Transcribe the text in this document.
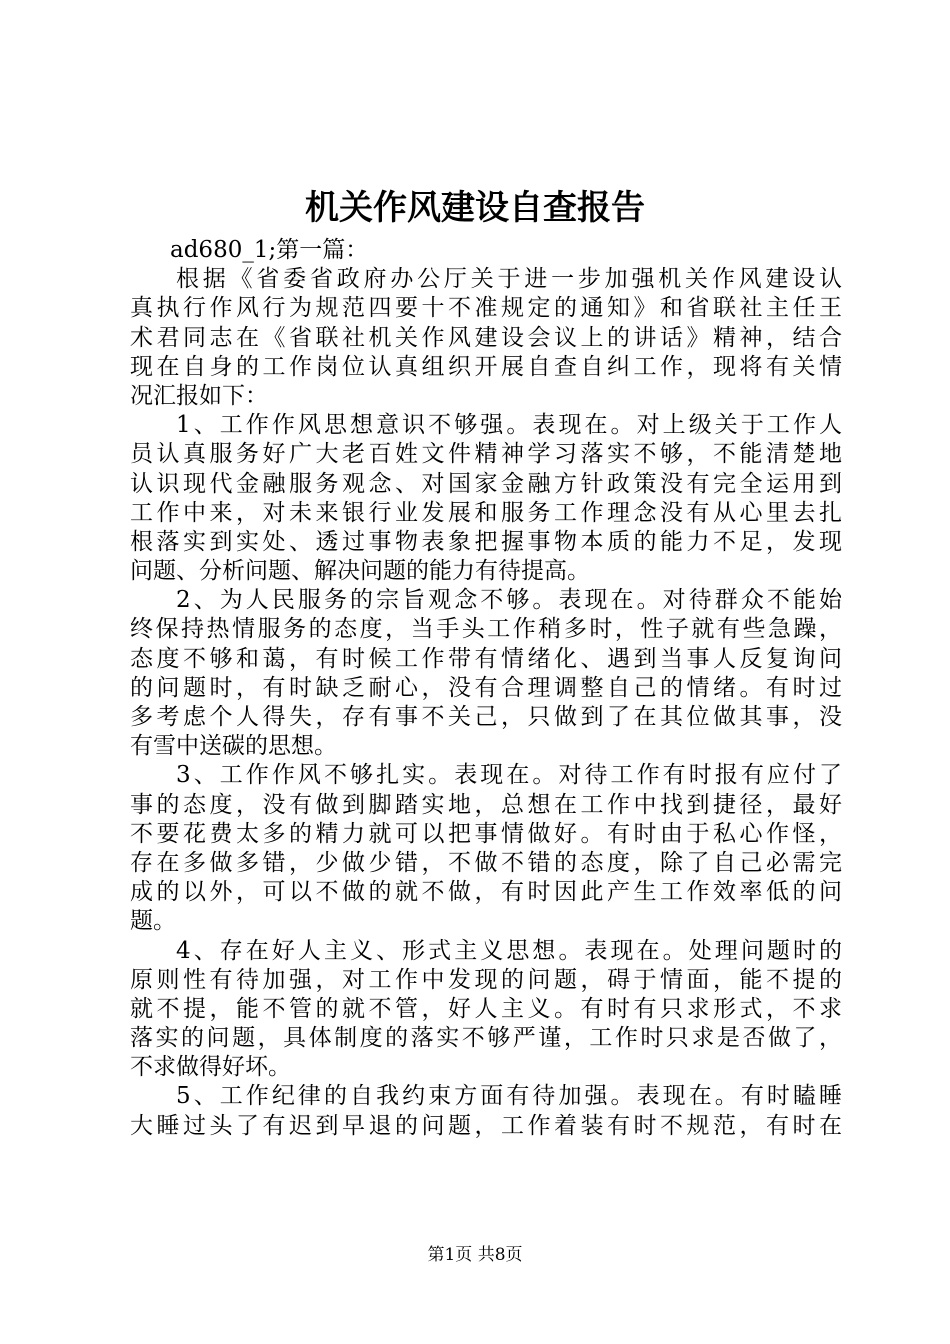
机关作风建设自查报告
ad680_1;第一篇：
根据《省委省政府办公厅关于进一步加强机关作风建设认
真执行作风行为规范四要十不准规定的通知》和省联社主任王
术君同志在《省联社机关作风建设会议上的讲话》精神，结合
现在自身的工作岗位认真组织开展自查自纠工作，现将有关情
况汇报如下：
1、工作作风思想意识不够强。表现在。对上级关于工作人
员认真服务好广大老百姓文件精神学习落实不够，不能清楚地
认识现代金融服务观念、对国家金融方针政策没有完全运用到
工作中来，对未来银行业发展和服务工作理念没有从心里去扎
根落实到实处、透过事物表象把握事物本质的能力不足，发现
问题、分析问题、解决问题的能力有待提高。
2、为人民服务的宗旨观念不够。表现在。对待群众不能始
终保持热情服务的态度，当手头工作稍多时，性子就有些急躁，
态度不够和蔼，有时候工作带有情绪化、遇到当事人反复询问
的问题时，有时缺乏耐心，没有合理调整自己的情绪。有时过
多考虑个人得失，存有事不关己，只做到了在其位做其事，没
有雪中送碳的思想。
3、工作作风不够扎实。表现在。对待工作有时报有应付了
事的态度，没有做到脚踏实地，总想在工作中找到捷径，最好
不要花费太多的精力就可以把事情做好。有时由于私心作怪，
存在多做多错，少做少错，不做不错的态度，除了自己必需完
成的以外，可以不做的就不做，有时因此产生工作效率低的问
题。
4、存在好人主义、形式主义思想。表现在。处理问题时的
原则性有待加强，对工作中发现的问题，碍于情面，能不提的
就不提，能不管的就不管，好人主义。有时有只求形式，不求
落实的问题，具体制度的落实不够严谨，工作时只求是否做了，
不求做得好坏。
5、工作纪律的自我约束方面有待加强。表现在。有时瞌睡
大睡过头了有迟到早退的问题，工作着装有时不规范，有时在
第1页 共8页
